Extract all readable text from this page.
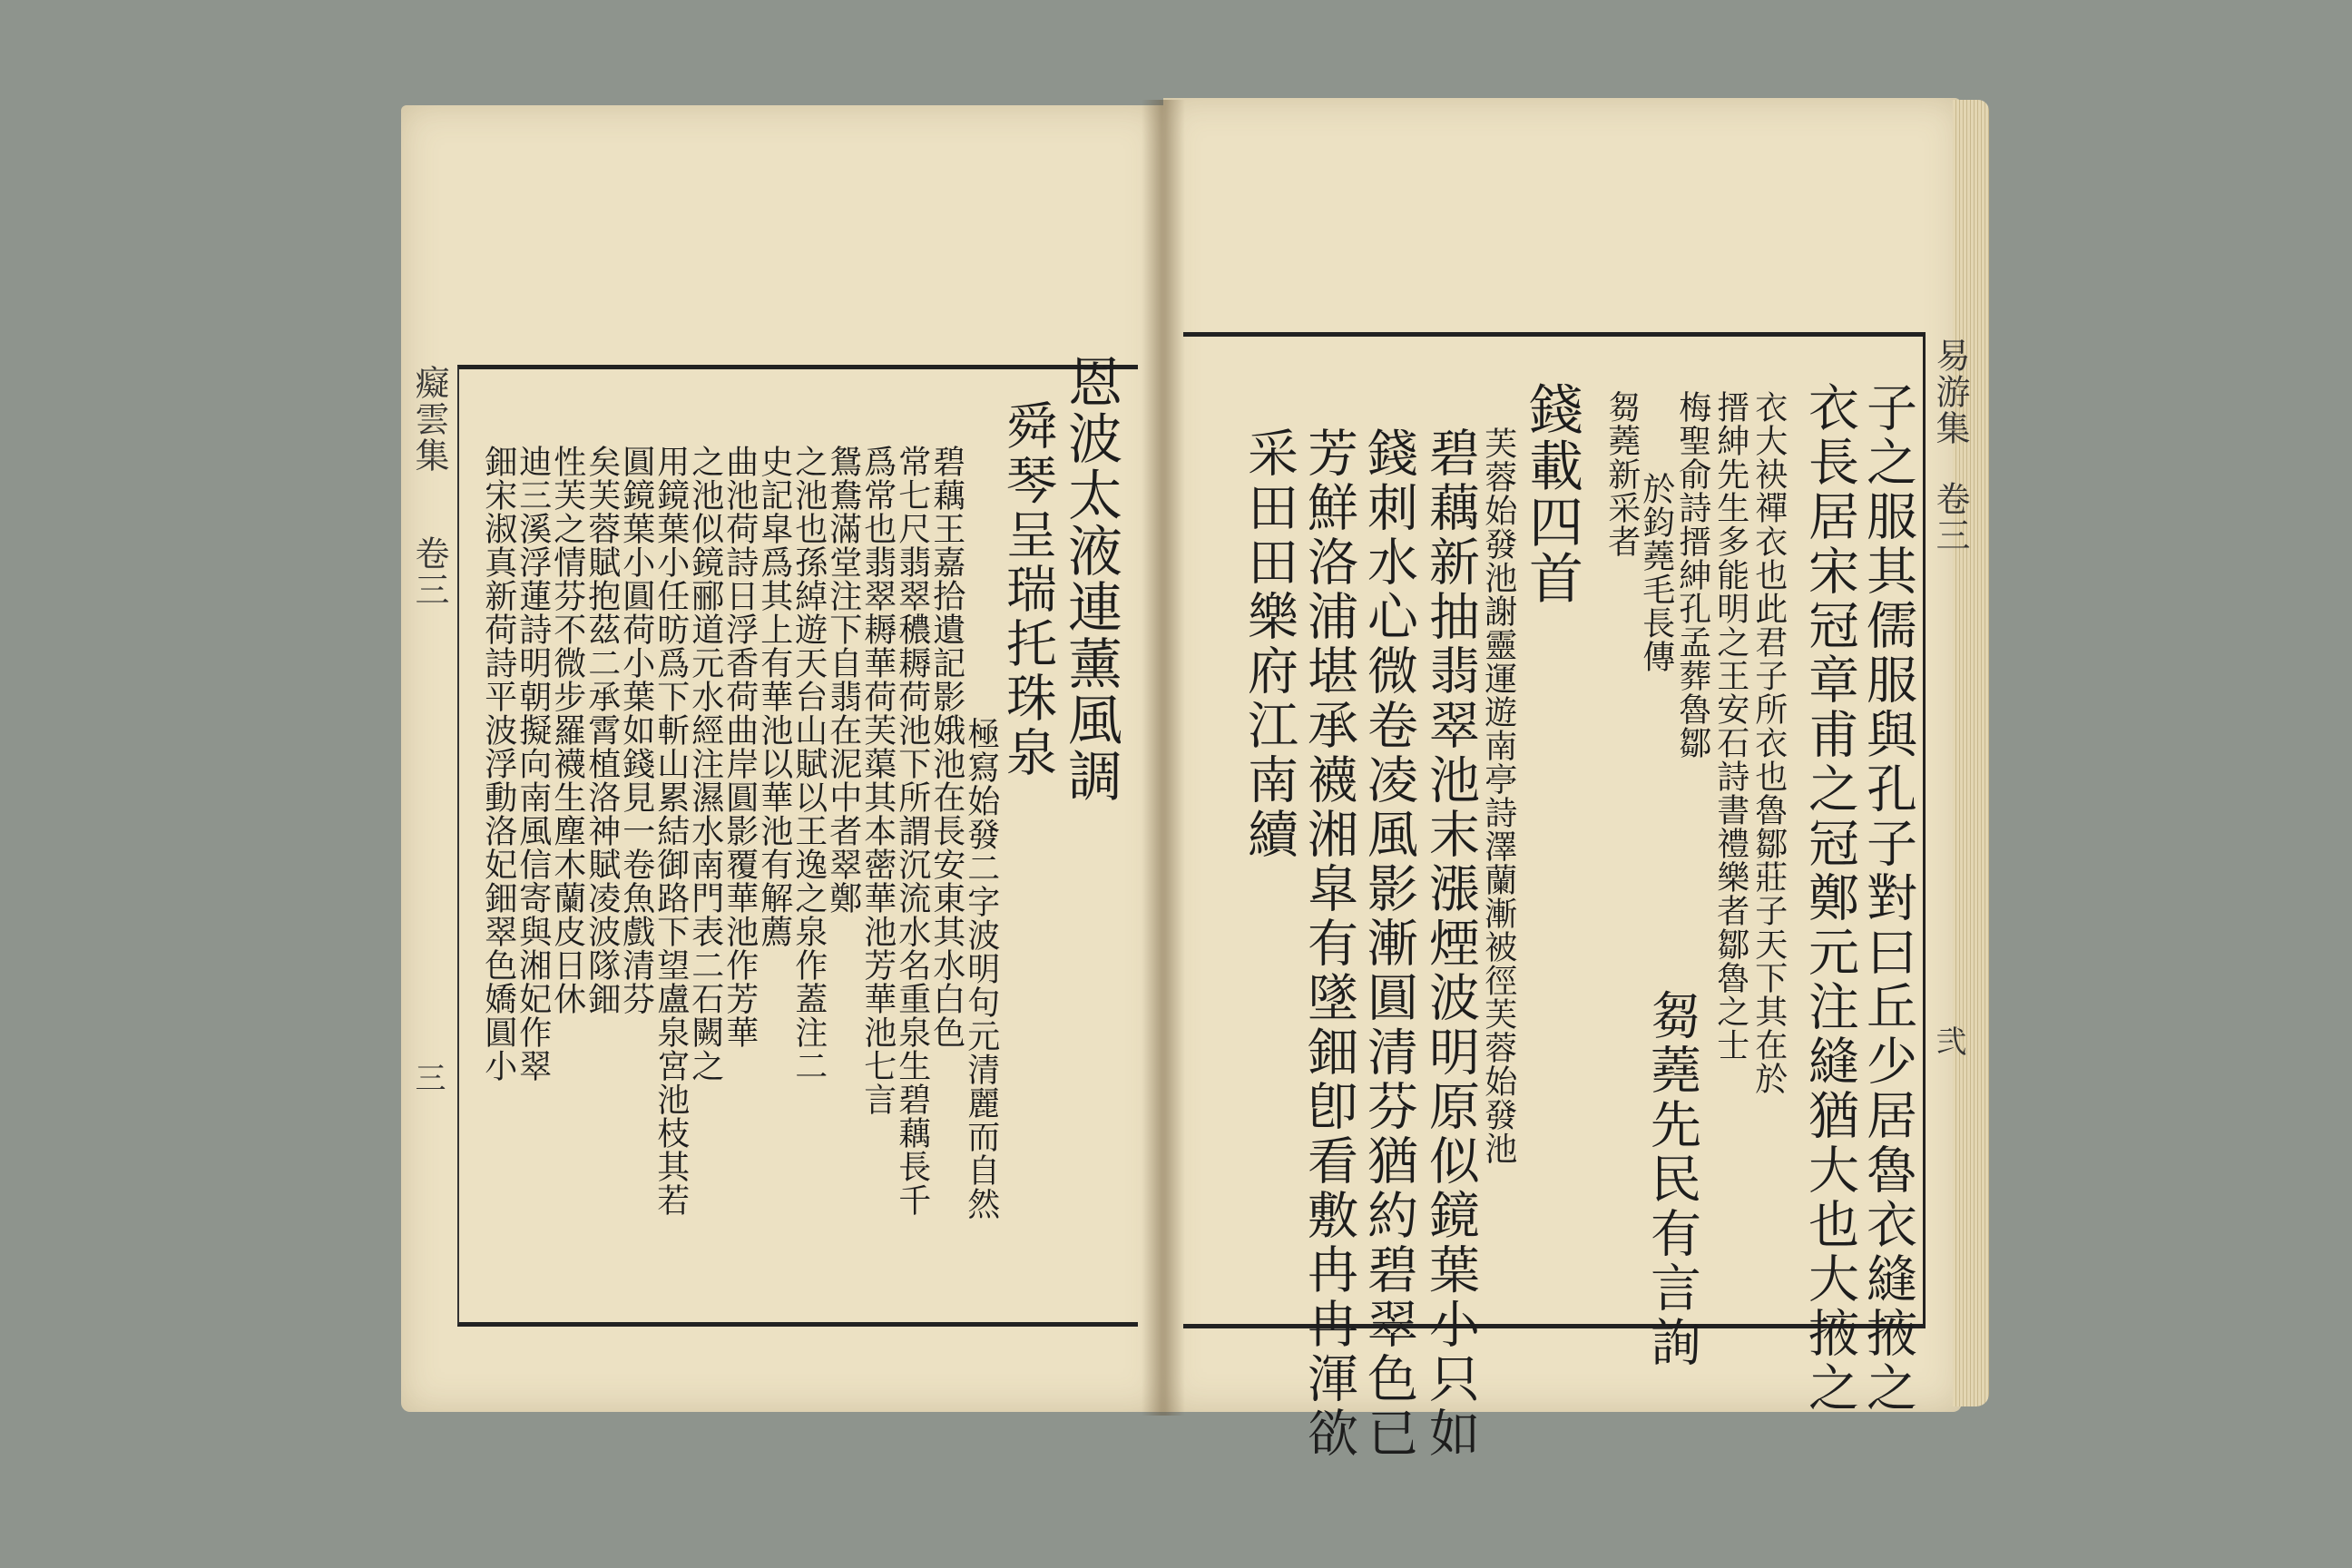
易游集
卷三
弐
子之服其儒服與孔子對曰丘少居魯衣縫掖之
衣長居宋冠章甫之冠鄭元注縫猶大也大掖之
衣大袂禪衣也此君子所衣也魯鄒莊子天下其在於
搢紳先生多能明之王安石詩書禮樂者鄒魯之士
梅聖俞詩搢紳孔孟葬魯鄒
於鈞蕘毛長傳
芻蕘新采者
芻蕘先民有言詢
錢載四首
芙蓉始發池謝靈運遊南亭詩澤蘭漸被徑芙蓉始發池
碧藕新抽翡翠池末漲煙波明原似鏡葉小只如
錢刺水心微卷凌風影漸圓清芬猶約碧翠色已
芳鮮洛浦堪承襪湘皐有墜鈿卽看敷冉冉渾欲
采田田樂府江南續
癡雲集
卷三
三
恩波太液連薰風調
舜琴呈瑞托珠泉
極寫始發二字波明句元清麗而自然
碧藕王嘉拾遺記影娥池在長安東其水白色
常七尺翡翠穠耨荷池下所謂沉流水名重泉生碧藕長千
爲常也翡翠耨華荷芙蕖其本蔤華池芳華池七言
鴛鴦滿堂注下自翡在泥中者翠鄭
之池也孫綽遊天台山賦以王逸之泉作蓋注二
史記皐爲其上有華池以華池有解薦
曲池荷詩日浮香荷曲岸圓影覆華池作芳華
之池似鏡郦道元水經注濕水南門表二石闕之
用鏡葉小任昉爲下斬山累結御路下望盧泉宮池枝其若
圓鏡葉小圓荷小葉如錢見一卷魚戲清芬
矣芙蓉賦抱茲二承霄植洛神賦凌波隊鈿
性芙之情芬不微步羅襪生塵木蘭皮日休
迪三溪浮蓮詩明朝擬向南風信寄與湘妃作翠
鈿宋淑真新荷詩平波浮動洛妃鈿翠色嬌圓小
